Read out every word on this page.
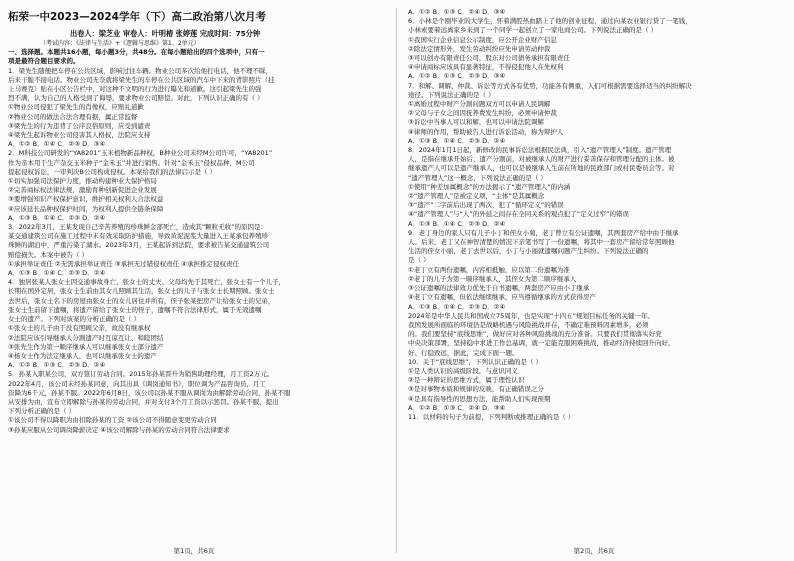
柘荣一中2023—2024学年（下）高二政治第八次月考
出卷人：梁芝业 审卷人：叶明椿 张婷莲 完成时间：75分钟
（考试内容：《法律与生活》+《逻辑与思维》第1、2单元）
一、选择题。本题共16小题，每小题3分，共48分。在每小题给出的四个选项中，只有一
项是最符合题目要求的。
1．梁先生随便把车停在公共区域，影响过往车辆。物业公司多次给他打电话，他不理不睬，
后来干脆不接电话。物业公司无奈就将梁先生的车停在公共区域的汽车中下来的背影照片（挂
上马赛克）贴在小区公告栏中，对这种不文明的行为进行曝光和道歉。这引起梁先生的强
烈不满，认为自己的人格受到了侮辱，要求物业公司赔偿。对此，下列认识正确的有（ ）
①物业公司侵犯了梁先生的肖像权，应赔礼道歉
②物业公司的做法合法合理有据，属正常监督
③梁先生的行为违背了公序良俗原则，应受到谴责
④梁先生起诉物业公司侵害其人格权，法院应支持
A．①② B．①④ C．②③ D．③④
2．M科技公司研发的“YA8201”玉米植物新品种权，B种业公司未经M公司许可，“YA8201”
作为亲本用于生产杂交玉米种子“金禾玉”并进行销售。针对“金禾玉”侵权品种，M公司
提起侵权诉讼，一审判决B公司构成侵权。本案给我们的法律启示是（ ）
①切实加强司法保护力度，推动构建种业大保护格局
②完善商标权法律法规，激励育种创新促进企业发展
③要增强知识产权保护意识，维护相关权利人合法权益
④应该延长品种权保护时间，为权利人提供全链条保障
A．①③ B．①④ C．②③ D．②④
3．2022年3月，王某发现自己辛苦养殖的珍珠鲜金部死亡，造成其“颗粒无收”的原因是：
某交通建筑公司在施工过程中未有效采取防护措施，导致黄泥泥浆大量进入王某承包养殖珍
珠鲜的湖泊中，严重污染了湖水。2023年3月，王某起诉到法院，要求被告某交通建筑公司
赔偿损失。本案中被告（ ）
①承担举证责任 ②无需承担举证责任 ③承担无过错侵权责任 ④承担推定侵权责任
A．①③ B．①④ C．②③ D．②④
4．独居张某人张女士因交通事故身亡，张女士的丈夫、父母均先于其死亡，张女士有一个儿子，
长期在国外定居，张女士生前由其女儿照顾其生活，张女士的儿子与张女士长期照顾。张女士
去世后，张女士名下的房屋由张女士的女儿居住并所有，侄子张某把房产让给张女士的兄弟，
张女士生前留下遗嘱，将遗产留给了张女士的侄子，遗嘱不符合法律形式，属于无效遗嘱
女士的遗产。下列对该案的分析正确的是（ ）
①张女士的儿子由于没有照顾父亲，故没有继承权
②法院应该引导继承人分割遗产时互谅互让、和睦团结
③张先生作为第一顺序继承人可以继承张女士部分遗产
④杨女士作为法定继承人，也可以继承张女士的遗产
A．①② B．①③ C．②③ D．②④
5．孙某入职某公司，双方签订劳动合同。2015年孙某晋升为销售助理经理，月工资2万元。
2022年4月，该公司未经孙某同意，向其出具《调岗通知书》，职位调为产品咨询员，月工
资降为6千元，孙某不服。2022年6月8日，该公司以孙某不服从调岗为由解除劳动合同，孙某不服
从安排为由，宣布立即解除与孙某的劳动合同，并对支付3个月工资以示惩罚。孙某不服，提出
下列分析正确的是（ ）
①该公司不得以降职为由扣除孙某的工资 ②该公司不得随意变更劳动合同
③孙某应服从公司调岗降薪决定 ④该公司解除与孙某的劳动合同符合法律要求
第1页，共6页
A．①② B．①③ C．②④ D．③④
6．小林是个刚毕业的大学生，怀着满腔热血踏上了他的创业征程，通过向某农业银行贷了一笔钱，
小林索要着远离家乡来到了一个同学一起创立了一家电商公司。下列说法正确的是（ ）
①我国实行企业信息公示制度，应公开企业财产信息
②除法定情形外，发生劳动纠纷应先申请劳动仲裁
③可以创办有限责任公司，股东对公司债务承担有限责任
④申请商标应该具有显著特征，不得侵犯他人在先权利
A．①② B．①③ C．②③ D．③④
7．和解、调解、仲裁、诉讼等方式各有优势，功能各有侧重，人们可根据需要选择适当的纠纷解决
途径。下列说法正确的是（ ）
①离婚过程中财产分割问题双方可以申请人民调解
②父母与子女之间因抚养费发生纠纷，必须申请仲裁
③诉讼中当事人可以和解，也可以申请法院调解
④律师的作用，帮助被告人进行诉讼活动，称为辩护人
A．①③ B．①④ C．②③ D．②④
8．2024年1月1日起，新修改的民事诉讼法根据民法典，引入“遗产管理人”制度。遗产管理
人，是指在继承开始后，遗产分割前，对被继承人的财产进行妥善保存和管理分配的主体。被
继承遗产人可以是遗产继承人，也可以是被继承人生前在所地的民政部门或村民委员会等。对
“遗产管理人”这一概念，下列说法正确的是（ ）
①使用“种差加属概念”的方法揭示了“遗产管理人”的内涵
②“遗产管理人”是被定义项，“主体”是其属概念
③“遗产”二字前后出现了两次，犯了“循环定义”的错误
④“遗产管理人”与“人”的外延之间存在全同关系的观点犯了“定义过窄”的错误
A．①③ B．①④ C．②③ D．②④
9．老丁身边的家人只有儿子小丁和侄女小菊，老丁曾立有公证遗嘱，其两套房产给中由于继承
人。后来，老丁又在神智清楚的情况下亲笔书写了一份遗嘱，将其中一套房产留给常年照顾他
生活的侄女小丽，老丁去世以后，小丁与小丽就遗嘱问题产生纠纷。下列说法正确的
是（ ）
①老丁立有两份遗嘱，内容相抵触，应以第二份遗嘱为准
②老丁的儿子为第一顺序继承人，其侄女为第二顺序继承人
③公证遗嘱的法律效力优先于自书遗嘱，两套房产应由小丁继承
④老丁立有遗嘱，但依法继续继承，应当遵循继承的方式获得房产
A．①③ B．①④ C．②③ D．②④
2024年是中华人民共和国成立75周年，也是实现“十四五”规划目标任务的关键一年。
我国发展所面临的环境仍是战略机遇与风险挑战并存，不确定难预料因素增多，必须
的。我们要坚持“底线思维”，做好应对各种风险挑战的充分准备。只要我们贯彻落实好党
中央决策部署，坚持稳中求进工作总基调，就一定能克服困难挑战，推动经济持续回升向好，
好、行稳致远，据此，完成下面一题。
10．关于“底线思维”，下列认识正确的是（ ）
①是人类认识的高级阶段，与意识同义
②是一种辩证的思维方式，属于理性认识
③是对事物本质和规律的反映，有正确错误之分
④是具有指导性的思想方法，能帮助人们实现预期
A．①② B．①③ C．②④ D．③④
11．以材料的句子为前提，下列判断或推理正确的是（ ）
第2页，共6页
